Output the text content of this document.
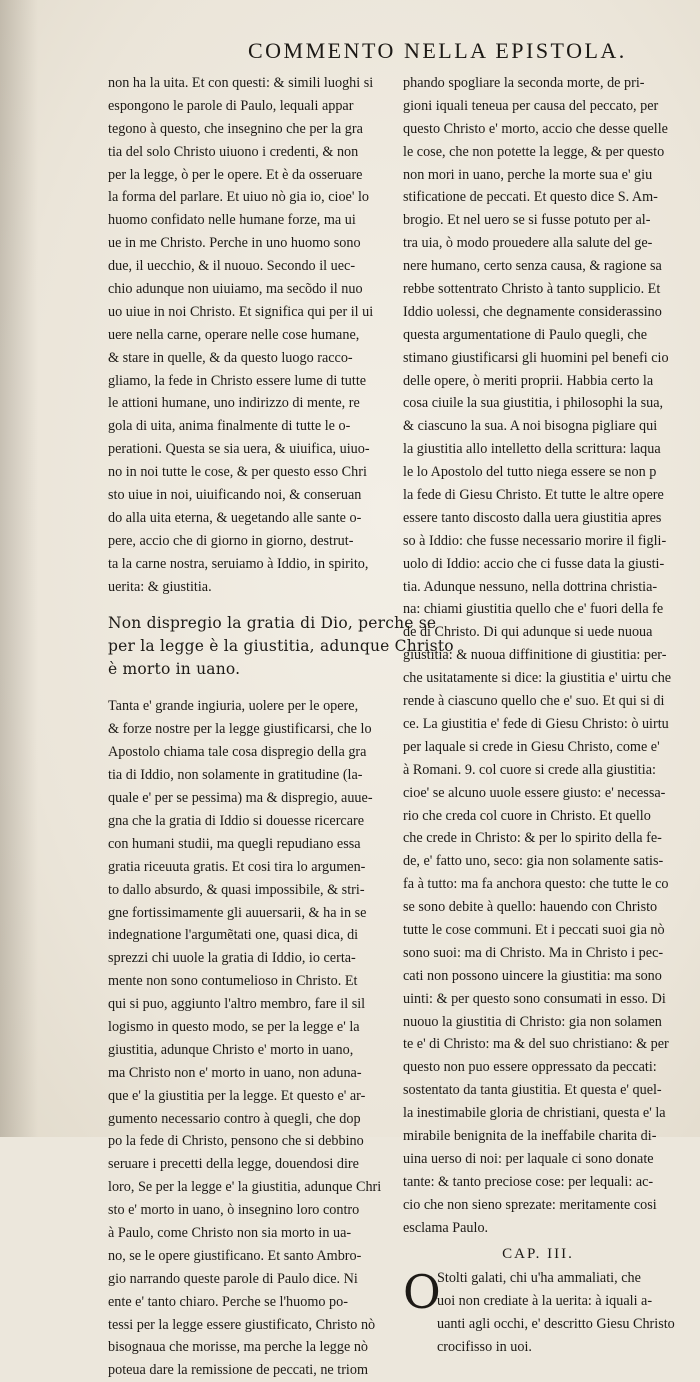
COMMENTO NELLA EPISTOLA.

non ha la uita. Et con questi: & simili luoghi si
espongono le parole di Paulo, lequali appar
tegono à questo, che insegnino che per la gra
tia del solo Christo uiuono i credenti, & non
per la legge, ò per le opere. Et è da osseruare
la forma del parlare. Et uiuo nò gia io, cioe' lo
huomo confidato nelle humane forze, ma ui
ue in me Christo. Perche in uno huomo sono
due, il uecchio, & il nuouo. Secondo il uec-
chio adunque non uiuiamo, ma secõdo il nuo
uo uiue in noi Christo. Et significa qui per il ui
uere nella carne, operare nelle cose humane,
& stare in quelle, & da questo luogo racco-
gliamo, la fede in Christo essere lume di tutte
le attioni humane, uno indirizzo di mente, re
gola di uita, anima finalmente di tutte le o-
perationi. Questa se sia uera, & uiuifica, uiuo-
no in noi tutte le cose, & per questo esso Chri
sto uiue in noi, uiuificando noi, & conseruan
do alla uita eterna, & uegetando alle sante o-
pere, accio che di giorno in giorno, destrut-
ta la carne nostra, seruiamo à Iddio, in spirito,
uerita: & giustitia.

Non dispregio la gratia di Dio, perche se
per la legge è la giustitia, adunque Christo
è morto in uano.

Tanta e' grande ingiuria, uolere per le opere,
& forze nostre per la legge giustificarsi, che lo
Apostolo chiama tale cosa dispregio della gra
tia di Iddio, non solamente in gratitudine (la-
quale e' per se pessima) ma & dispregio, auue-
gna che la gratia di Iddio si douesse ricercare
con humani studii, ma quegli repudiano essa
gratia riceuuta gratis. Et cosi tira lo argumen-
to dallo absurdo, & quasi impossibile, & stri-
gne fortissimamente gli auuersarii, & ha in se
indegnatione l'argumẽtati one, quasi dica, di
sprezzi chi uuole la gratia di Iddio, io certa-
mente non sono contumelioso in Christo. Et
qui si puo, aggiunto l'altro membro, fare il sil
logismo in questo modo, se per la legge e' la
giustitia, adunque Christo e' morto in uano,
ma Christo non e' morto in uano, non aduna-
que e' la giustitia per la legge. Et questo e' ar-
gumento necessario contro à quegli, che dop
po la fede di Christo, pensono che si debbino
seruare i precetti della legge, douendosi dire
loro, Se per la legge e' la giustitia, adunque Chri
sto e' morto in uano, ò insegnino loro contro
à Paulo, come Christo non sia morto in ua-
no, se le opere giustificano. Et santo Ambro-
gio narrando queste parole di Paulo dice. Ni
ente e' tanto chiaro. Perche se l'huomo po-
tessi per la legge essere giustificato, Christo nò
bisognaua che morisse, ma perche la legge nò
poteua dare la remissione de peccati, ne triom

phando spogliare la seconda morte, de pri-
gioni iquali teneua per causa del peccato, per
questo Christo e' morto, accio che desse quelle
le cose, che non potette la legge, & per questo
non mori in uano, perche la morte sua e' giu
stificatione de peccati. Et questo dice S. Am-
brogio. Et nel uero se si fusse potuto per al-
tra uia, ò modo prouedere alla salute del ge-
nere humano, certo senza causa, & ragione sa
rebbe sottentrato Christo à tanto supplicio. Et
Iddio uolessi, che degnamente considerassino
questa argumentatione di Paulo quegli, che
stimano giustificarsi gli huomini pel benefi cio
delle opere, ò meriti proprii. Habbia certo la
cosa ciuile la sua giustitia, i philosophi la sua,
& ciascuno la sua. A noi bisogna pigliare qui
la giustitia allo intelletto della scrittura: laqua
le lo Apostolo del tutto niega essere se non p
la fede di Giesu Christo. Et tutte le altre opere
essere tanto discosto dalla uera giustitia apres
so à Iddio: che fusse necessario morire il figli-
uolo di Iddio: accio che ci fusse data la giusti-
tia. Adunque nessuno, nella dottrina christia-
na: chiami giustitia quello che e' fuori della fe
de di Christo. Di qui adunque si uede nuoua
giustitia: & nuoua diffinitione di giustitia: per-
che usitatamente si dice: la giustitia e' uirtu che
rende à ciascuno quello che e' suo. Et qui si di
ce. La giustitia e' fede di Giesu Christo: ò uirtu
per laquale si crede in Giesu Christo, come e'
à Romani. 9. col cuore si crede alla giustitia:
cioe' se alcuno uuole essere giusto: e' necessa-
rio che creda col cuore in Christo. Et quello
che crede in Christo: & per lo spirito della fe-
de, e' fatto uno, seco: gia non solamente satis-
fa à tutto: ma fa anchora questo: che tutte le co
se sono debite à quello: hauendo con Christo
tutte le cose communi. Et i peccati suoi gia nò
sono suoi: ma di Christo. Ma in Christo i pec-
cati non possono uincere la giustitia: ma sono
uinti: & per questo sono consumati in esso. Di
nuouo la giustitia di Christo: gia non solamen
te e' di Christo: ma & del suo christiano: & per
questo non puo essere oppressato da peccati:
sostentato da tanta giustitia. Et questa e' quel-
la inestimabile gloria de christiani, questa e' la
mirabile benignita de la ineffabile charita di-
uina uerso di noi: per laquale ci sono donate
tante: & tanto preciose cose: per lequali: ac-
cio che non sieno sprezate: meritamente cosi
esclama Paulo.

CAP. III.
O

Stolti galati, chi u'ha ammaliati, che
uoi non crediate à la uerita: à iquali a-
uanti agli occhi, e' descritto Giesu Christo
crocifisso in uoi.
